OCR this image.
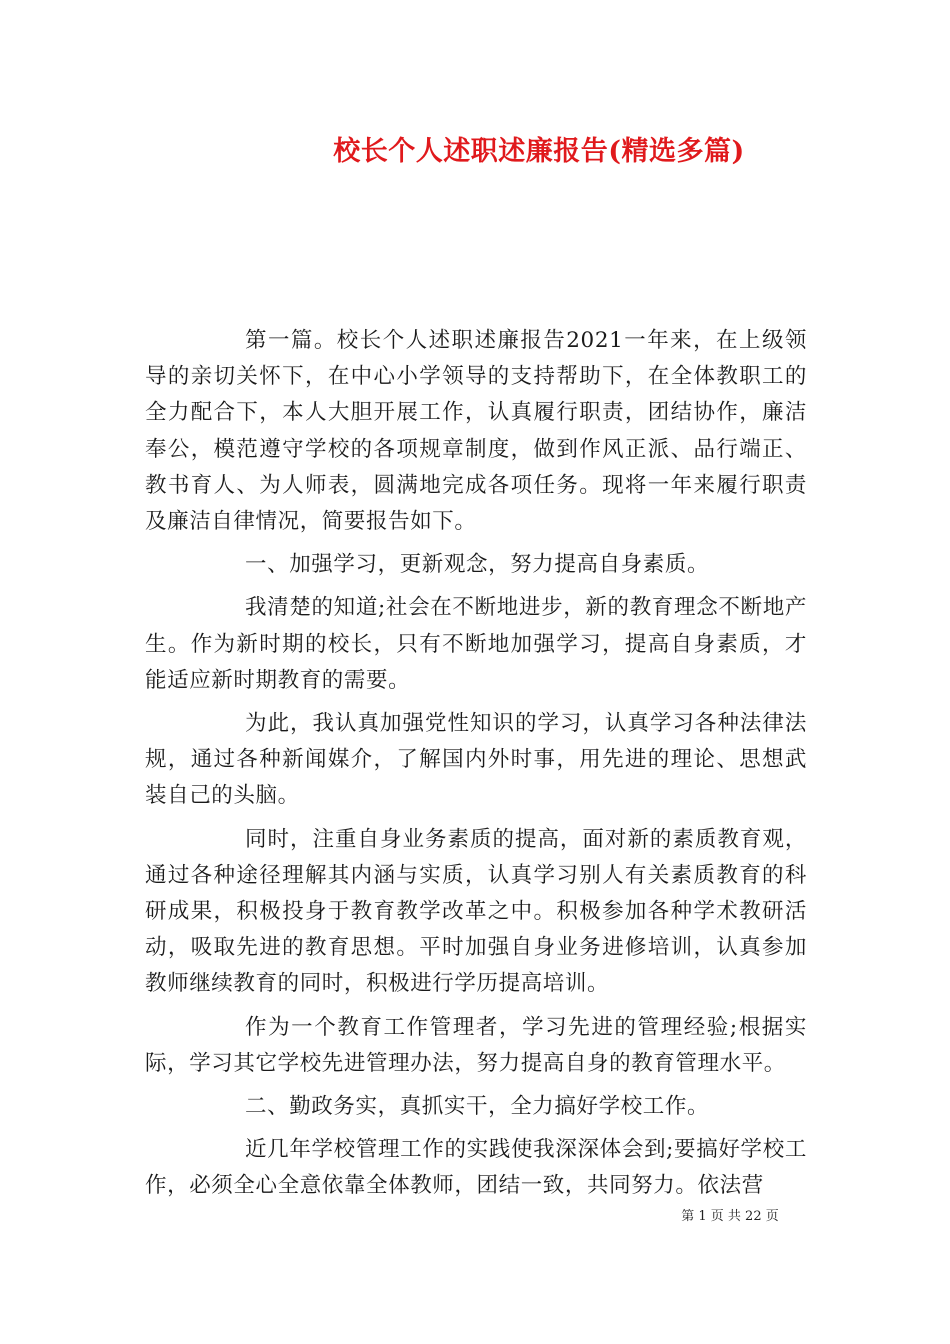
校长个人述职述廉报告(精选多篇)

第一篇。校长个人述职述廉报告2021一年来，在上级领导的亲切关怀下，在中心小学领导的支持帮助下，在全体教职工的全力配合下，本人大胆开展工作，认真履行职责，团结协作，廉洁奉公，模范遵守学校的各项规章制度，做到作风正派、品行端正、教书育人、为人师表，圆满地完成各项任务。现将一年来履行职责及廉洁自律情况，简要报告如下。

一、加强学习，更新观念，努力提高自身素质。

我清楚的知道;社会在不断地进步，新的教育理念不断地产生。作为新时期的校长，只有不断地加强学习，提高自身素质，才能适应新时期教育的需要。

为此，我认真加强党性知识的学习，认真学习各种法律法规，通过各种新闻媒介，了解国内外时事，用先进的理论、思想武装自己的头脑。

同时，注重自身业务素质的提高，面对新的素质教育观，通过各种途径理解其内涵与实质，认真学习别人有关素质教育的科研成果，积极投身于教育教学改革之中。积极参加各种学术教研活动，吸取先进的教育思想。平时加强自身业务进修培训，认真参加教师继续教育的同时，积极进行学历提高培训。

作为一个教育工作管理者，学习先进的管理经验;根据实际，学习其它学校先进管理办法，努力提高自身的教育管理水平。

二、勤政务实，真抓实干，全力搞好学校工作。

近几年学校管理工作的实践使我深深体会到;要搞好学校工作，必须全心全意依靠全体教师，团结一致，共同努力。依法营

第 1 页 共 22 页
